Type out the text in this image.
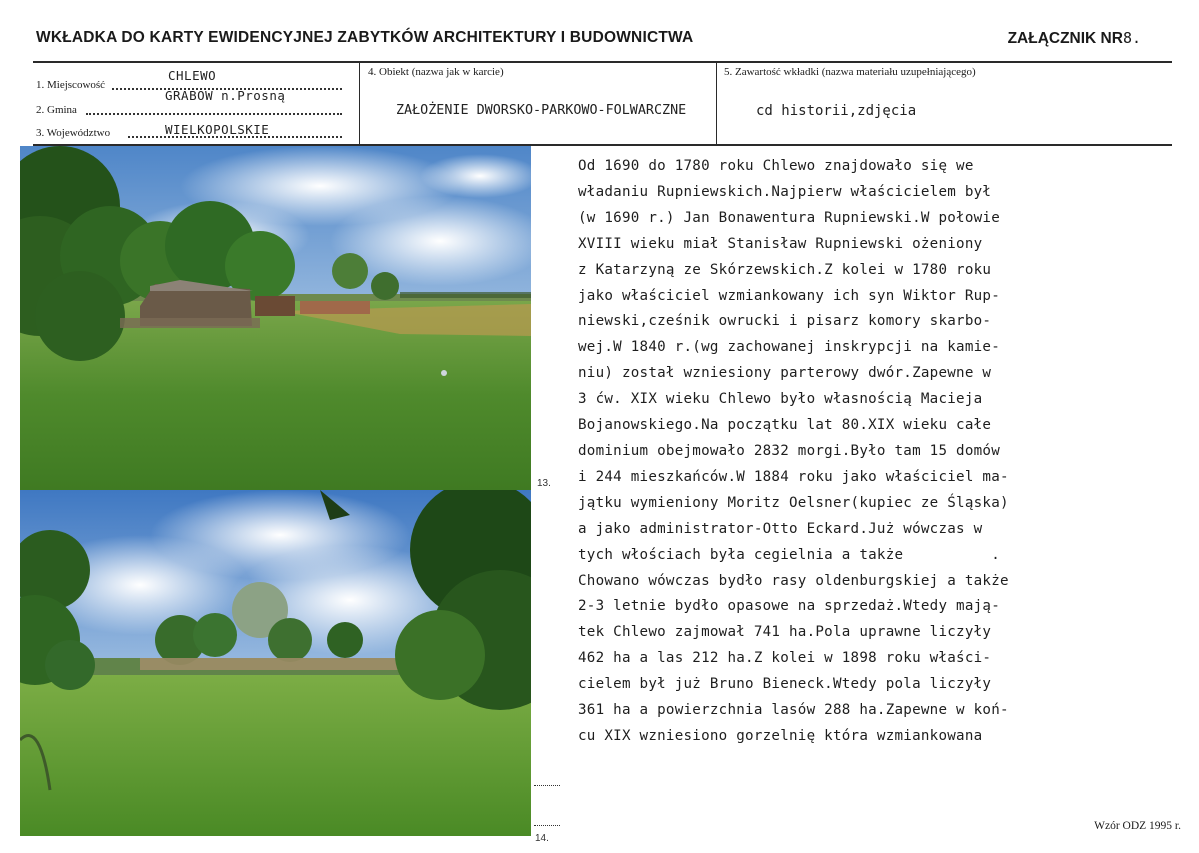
WKŁADKA DO KARTY EWIDENCYJNEJ ZABYTKÓW ARCHITEKTURY I BUDOWNICTWA	ZAŁĄCZNIK NR8.
1. Miejscowość
CHLEWO
2. Gmina
GRABÓW n.Prosną
3. Województwo	WIELKOPOLSKIE
4. Obiekt (nazwa jak w karcie)
ZAŁOŻENIE DWORSKO-PARKOWO-FOLWARCZNE
5. Zawartość wkładki (nazwa materiału uzupełniającego)
cd historii,zdjęcia
13.
14.
Od 1690 do 1780 roku Chlewo znajdowało się we
władaniu Rupniewskich.Najpierw właścicielem był
(w 1690 r.) Jan Bonawentura Rupniewski.W połowie
XVIII wieku miał Stanisław Rupniewski ożeniony
z Katarzyną ze Skórzewskich.Z kolei w 1780 roku
jako właściciel wzmiankowany ich syn Wiktor Rup-
niewski,cześnik owrucki i pisarz komory skarbo-
wej.W 1840 r.(wg zachowanej inskrypcji na kamie-
niu) został wzniesiony parterowy dwór.Zapewne w
3 ćw. XIX wieku Chlewo było własnością Macieja
Bojanowskiego.Na początku lat 80.XIX wieku całe
dominium obejmowało 2832 morgi.Było tam 15 domów
i 244 mieszkańców.W 1884 roku jako właściciel ma-
jątku wymieniony Moritz Oelsner(kupiec ze Śląska)
a jako administrator-Otto Eckard.Już wówczas w
tych włościach była cegielnia a także          .
Chowano wówczas bydło rasy oldenburgskiej a także
2-3 letnie bydło opasowe na sprzedaż.Wtedy mają-
tek Chlewo zajmował 741 ha.Pola uprawne liczyły
462 ha a las 212 ha.Z kolei w 1898 roku właści-
cielem był już Bruno Bieneck.Wtedy pola liczyły
361 ha a powierzchnia lasów 288 ha.Zapewne w koń-
cu XIX wzniesiono gorzelnię która wzmiankowana
Wzór ODZ 1995 r.
